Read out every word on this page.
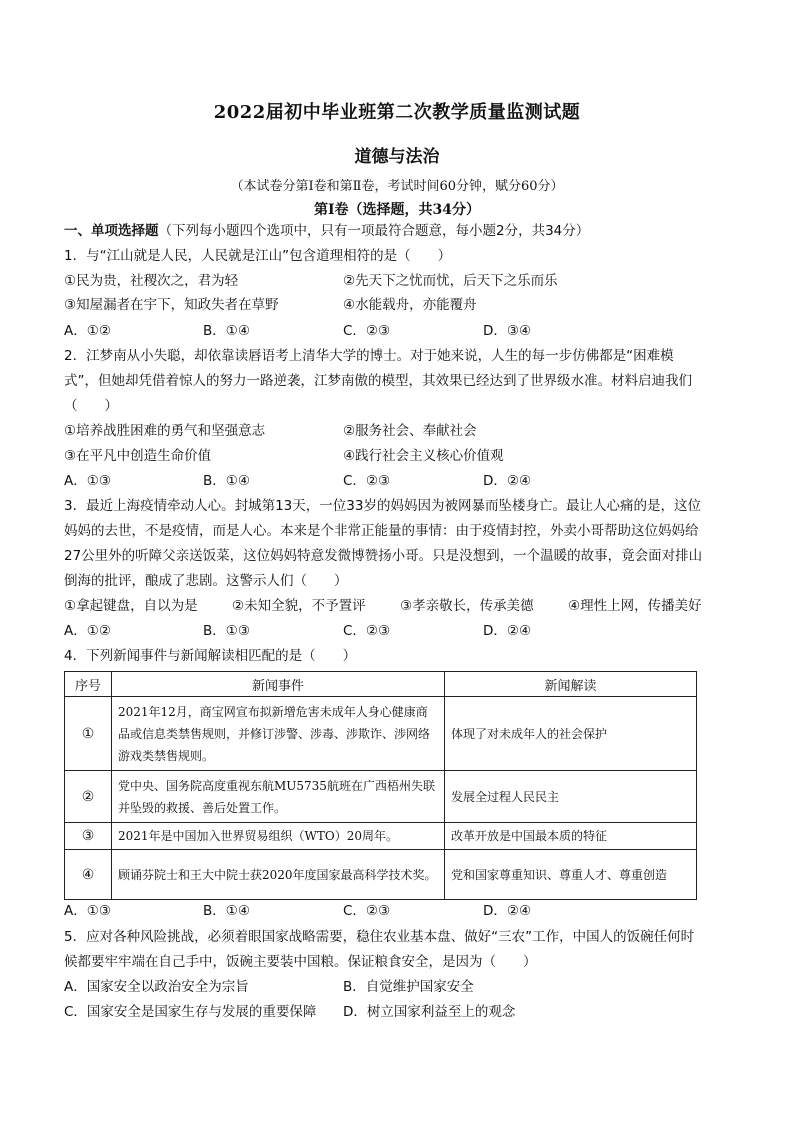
2022届初中毕业班第二次教学质量监测试题
道德与法治
（本试卷分第Ⅰ卷和第Ⅱ卷，考试时间60分钟，赋分60分）
第Ⅰ卷（选择题，共34分）
一、单项选择题（下列每小题四个选项中，只有一项最符合题意，每小题2分，共34分）
1．与“江山就是人民，人民就是江山”包含道理相符的是（　　）
①民为贵，社稷次之，君为轻	②先天下之忧而忧，后天下之乐而乐
③知屋漏者在宇下，知政失者在草野	④水能载舟，亦能覆舟
A．①②	B．①④	C．②③	D．③④
2．江梦南从小失聪，却依靠读唇语考上清华大学的博士。对于她来说，人生的每一步仿佛都是“困难模
式”，但她却凭借着惊人的努力一路逆袭，江梦南傲的模型，其效果已经达到了世界级水准。材料启迪我们
（　　）
①培养战胜困难的勇气和坚强意志	②服务社会、奉献社会
③在平凡中创造生命价值	④践行社会主义核心价值观
A．①③	B．①④	C．②③	D．②④
3．最近上海疫情牵动人心。封城第13天，一位33岁的妈妈因为被网暴而坠楼身亡。最让人心痛的是，这位
妈妈的去世，不是疫情，而是人心。本来是个非常正能量的事情：由于疫情封控，外卖小哥帮助这位妈妈给
27公里外的听障父亲送饭菜，这位妈妈特意发微博赞扬小哥。只是没想到，一个温暖的故事，竟会面对排山
倒海的批评，酿成了悲剧。这警示人们（　　）
①拿起键盘，自以为是	②未知全貌，不予置评	③孝亲敬长，传承美德	④理性上网，传播美好
A．①②	B．①③	C．②③	D．②④
4．下列新闻事件与新闻解读相匹配的是（　　）
序号	新闻事件	新闻解读
①	2021年12月，商宝网宣布拟新增危害未成年人身心健康商品或信息类禁售规则，并修订涉警、涉毒、涉欺诈、涉网络游戏类禁售规则。	体现了对未成年人的社会保护
②	党中央、国务院高度重视东航MU5735航班在广西梧州失联并坠毁的救援、善后处置工作。	发展全过程人民民主
③	2021年是中国加入世界贸易组织（WTO）20周年。	改革开放是中国最本质的特征
④	顾诵芬院士和王大中院士获2020年度国家最高科学技术奖。	党和国家尊重知识、尊重人才、尊重创造
A．①③	B．①④	C．②③	D．②④
5．应对各种风险挑战，必须着眼国家战略需要，稳住农业基本盘、做好“三农”工作，中国人的饭碗任何时
候都要牢牢端在自己手中，饭碗主要装中国粮。保证粮食安全，是因为（　　）
A．国家安全以政治安全为宗旨	B．自觉维护国家安全
C．国家安全是国家生存与发展的重要保障 D．树立国家利益至上的观念
